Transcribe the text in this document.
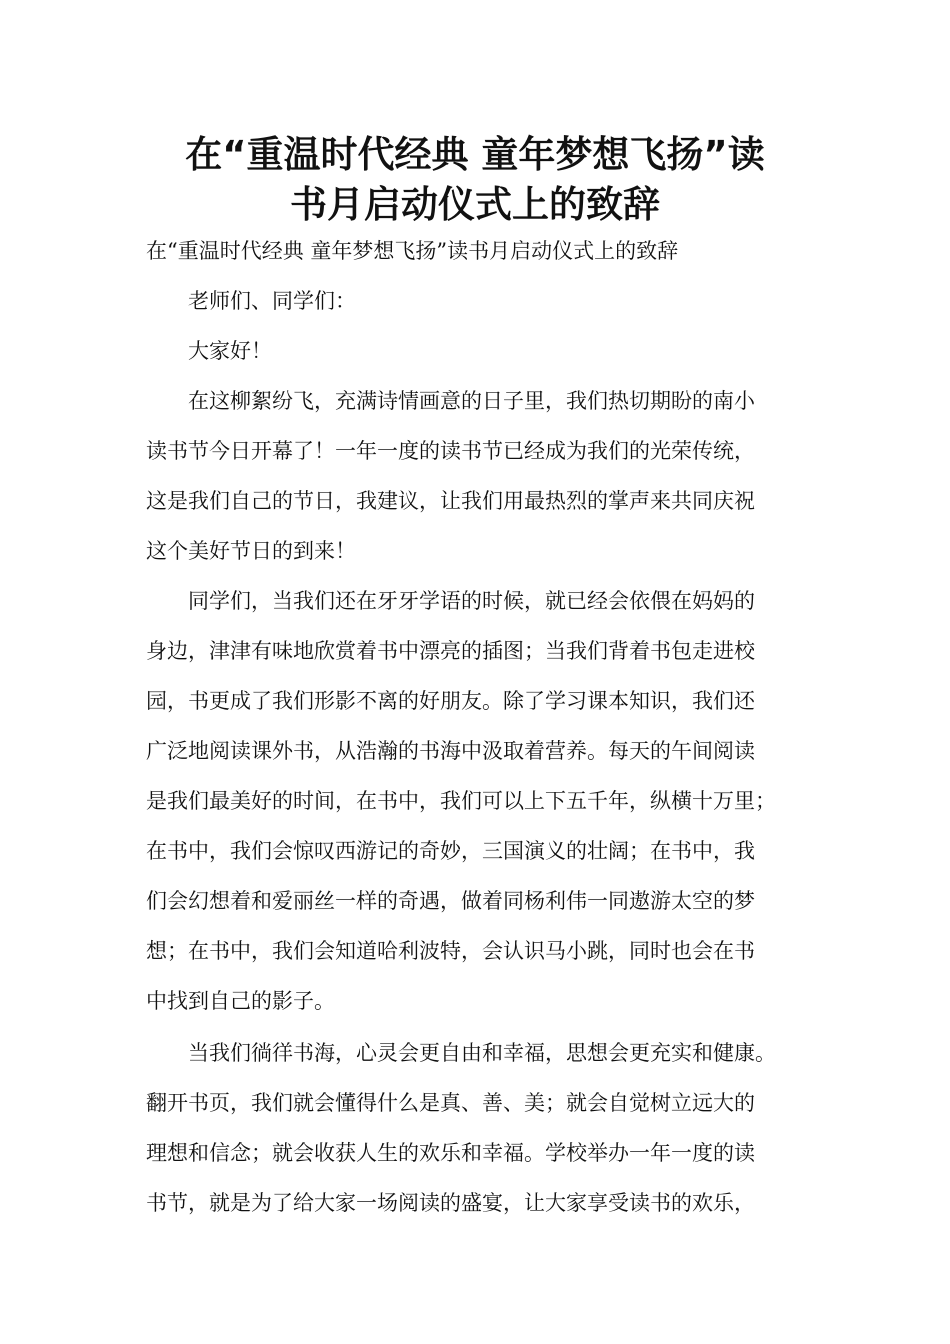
在“重温时代经典 童年梦想飞扬”读
书月启动仪式上的致辞
在“重温时代经典 童年梦想飞扬”读书月启动仪式上的致辞
老师们、同学们：
大家好！
在这柳絮纷飞，充满诗情画意的日子里，我们热切期盼的南小
读书节今日开幕了！一年一度的读书节已经成为我们的光荣传统，
这是我们自己的节日，我建议，让我们用最热烈的掌声来共同庆祝
这个美好节日的到来！
同学们，当我们还在牙牙学语的时候，就已经会依偎在妈妈的
身边，津津有味地欣赏着书中漂亮的插图；当我们背着书包走进校
园，书更成了我们形影不离的好朋友。除了学习课本知识，我们还
广泛地阅读课外书，从浩瀚的书海中汲取着营养。每天的午间阅读
是我们最美好的时间，在书中，我们可以上下五千年，纵横十万里；
在书中，我们会惊叹西游记的奇妙，三国演义的壮阔；在书中，我
们会幻想着和爱丽丝一样的奇遇，做着同杨利伟一同遨游太空的梦
想；在书中，我们会知道哈利波特，会认识马小跳，同时也会在书
中找到自己的影子。
当我们徜徉书海，心灵会更自由和幸福，思想会更充实和健康。
翻开书页，我们就会懂得什么是真、善、美；就会自觉树立远大的
理想和信念；就会收获人生的欢乐和幸福。学校举办一年一度的读
书节，就是为了给大家一场阅读的盛宴，让大家享受读书的欢乐，
